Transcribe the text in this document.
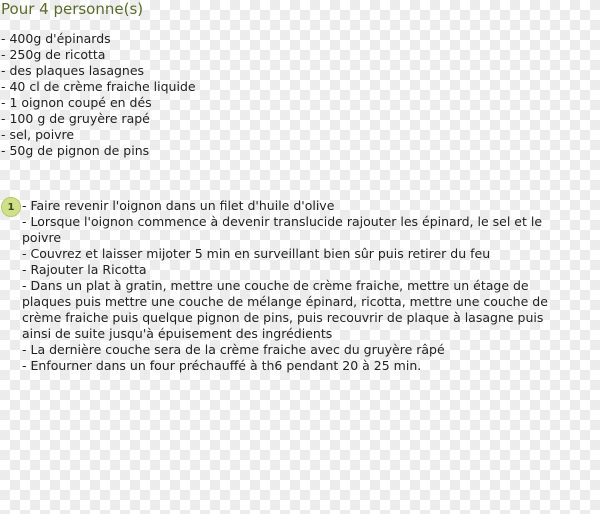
Pour 4 personne(s)
- 400g d'épinards
- 250g de ricotta
- des plaques lasagnes
- 40 cl de crème fraiche liquide
- 1 oignon coupé en dés
- 100 g de gruyère rapé
- sel, poivre
- 50g de pignon de pins
1 - Faire revenir l'oignon dans un filet d'huile d'olive
- Lorsque l'oignon commence à devenir translucide rajouter les épinard, le sel et le
poivre
- Couvrez et laisser mijoter 5 min en surveillant bien sûr puis retirer du feu
- Rajouter la Ricotta
- Dans un plat à gratin, mettre une couche de crème fraiche, mettre un étage de
plaques puis mettre une couche de mélange épinard, ricotta, mettre une couche de
crème fraiche puis quelque pignon de pins, puis recouvrir de plaque à lasagne puis
ainsi de suite jusqu'à épuisement des ingrédients
- La dernière couche sera de la crème fraiche avec du gruyère râpé
- Enfourner dans un four préchauffé à th6 pendant 20 à 25 min.
